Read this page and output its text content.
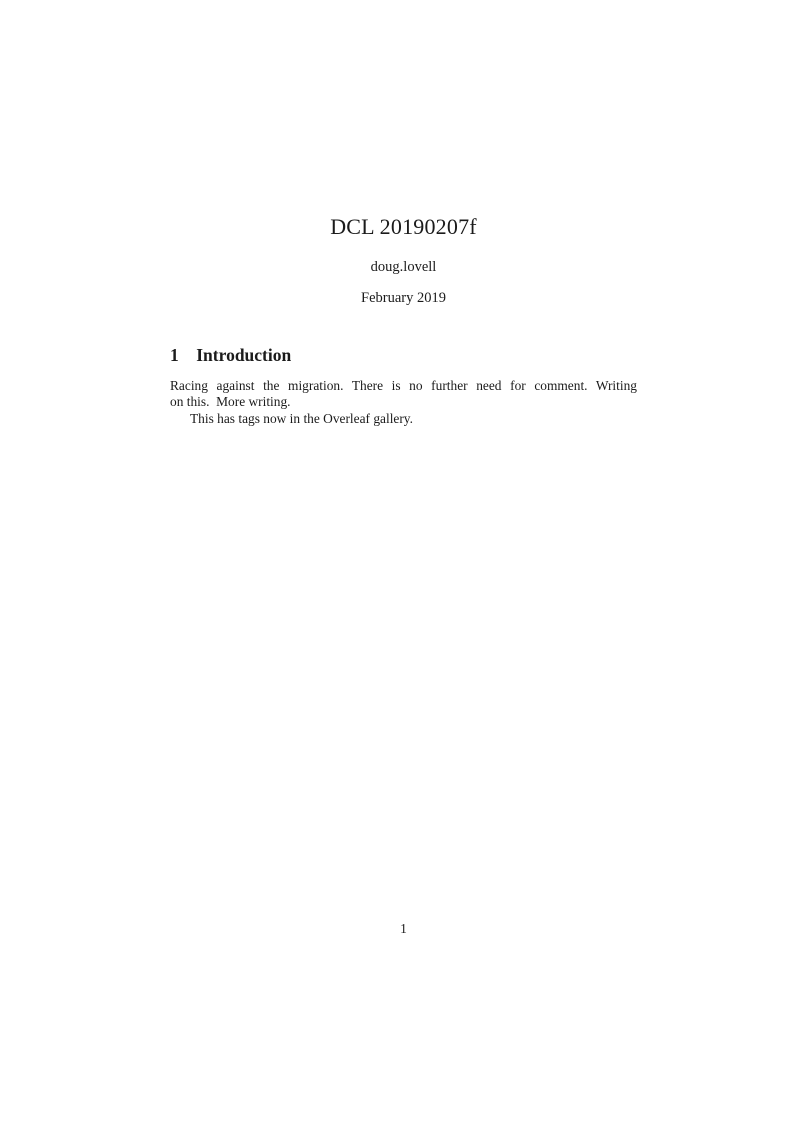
DCL 20190207f
doug.lovell
February 2019
1 Introduction
Racing against the migration. There is no further need for comment. Writing
on this.  More writing.
This has tags now in the Overleaf gallery.
1
